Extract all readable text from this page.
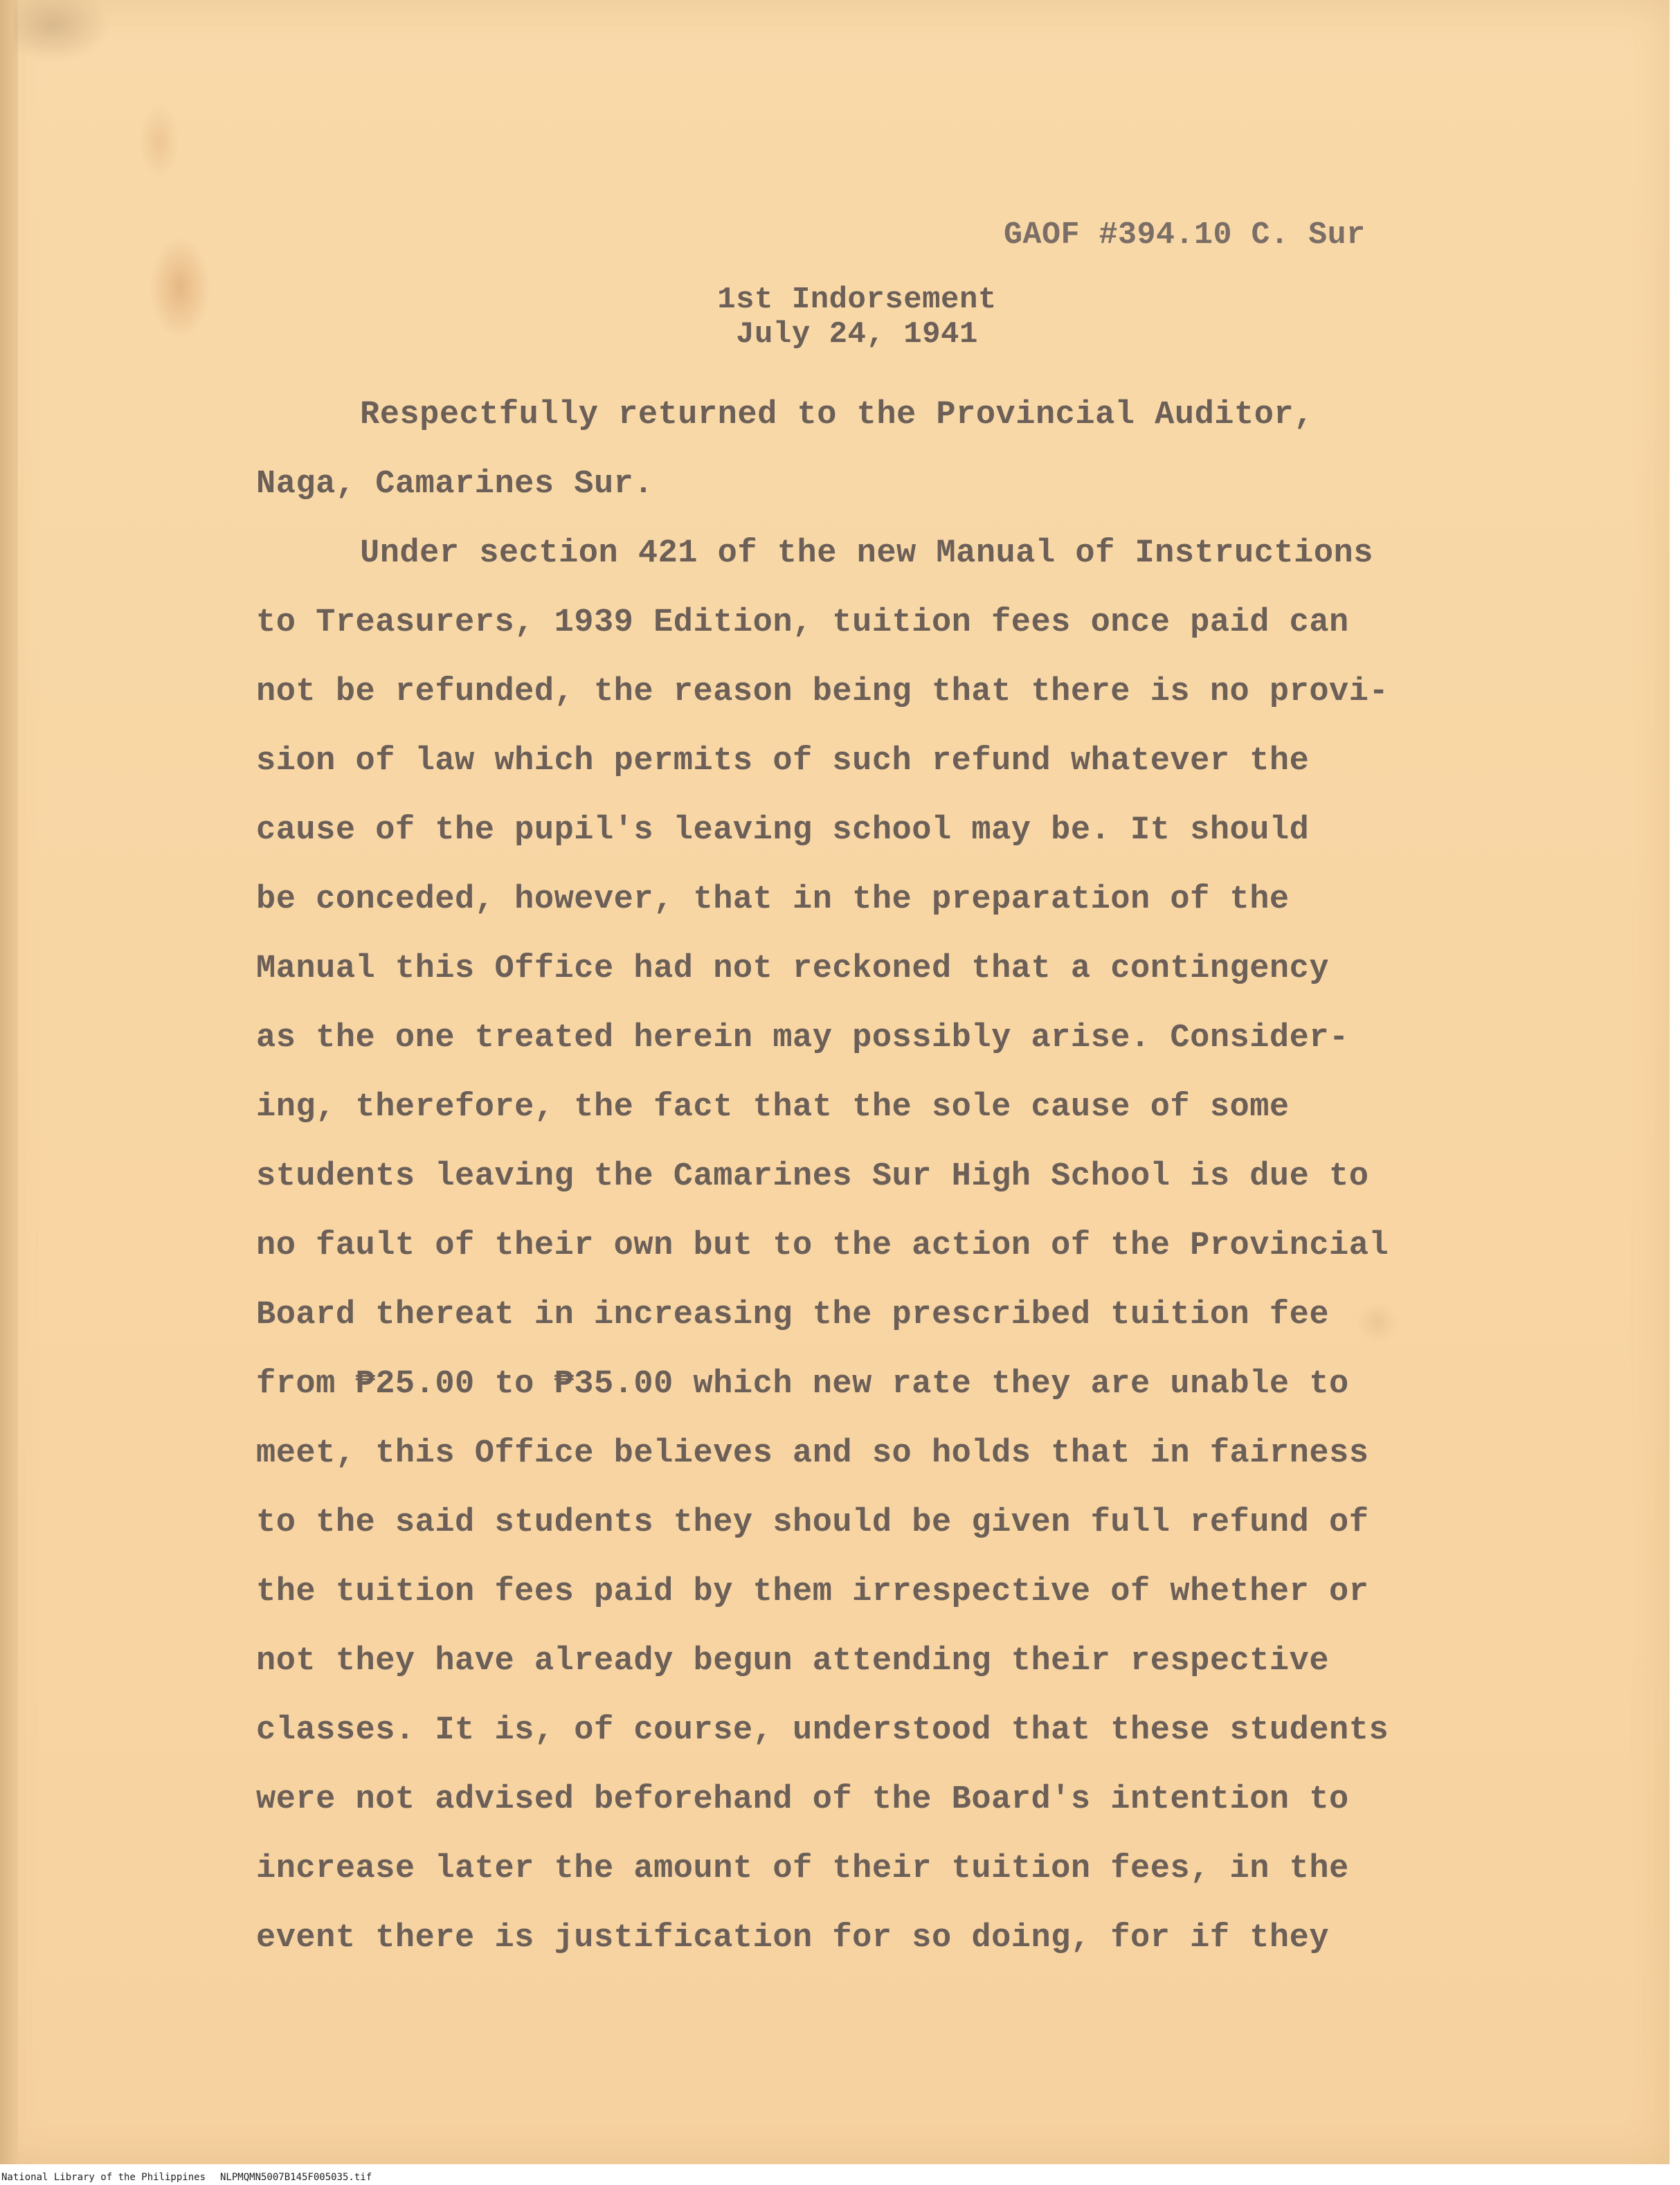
GAOF #394.10 C. Sur

1st Indorsement
July 24, 1941

Respectfully returned to the Provincial Auditor,
Naga, Camarines Sur.
Under section 421 of the new Manual of Instructions
to Treasurers, 1939 Edition, tuition fees once paid can
not be refunded, the reason being that there is no provi-
sion of law which permits of such refund whatever the
cause of the pupil's leaving school may be. It should
be conceded, however, that in the preparation of the
Manual this Office had not reckoned that a contingency
as the one treated herein may possibly arise. Consider-
ing, therefore, the fact that the sole cause of some
students leaving the Camarines Sur High School is due to
no fault of their own but to the action of the Provincial
Board thereat in increasing the prescribed tuition fee
from ₱25.00 to ₱35.00 which new rate they are unable to
meet, this Office believes and so holds that in fairness
to the said students they should be given full refund of
the tuition fees paid by them irrespective of whether or
not they have already begun attending their respective
classes. It is, of course, understood that these students
were not advised beforehand of the Board's intention to
increase later the amount of their tuition fees, in the
event there is justification for so doing, for if they
National Library of the Philippines NLPMQMN5007B145F005035.tif
